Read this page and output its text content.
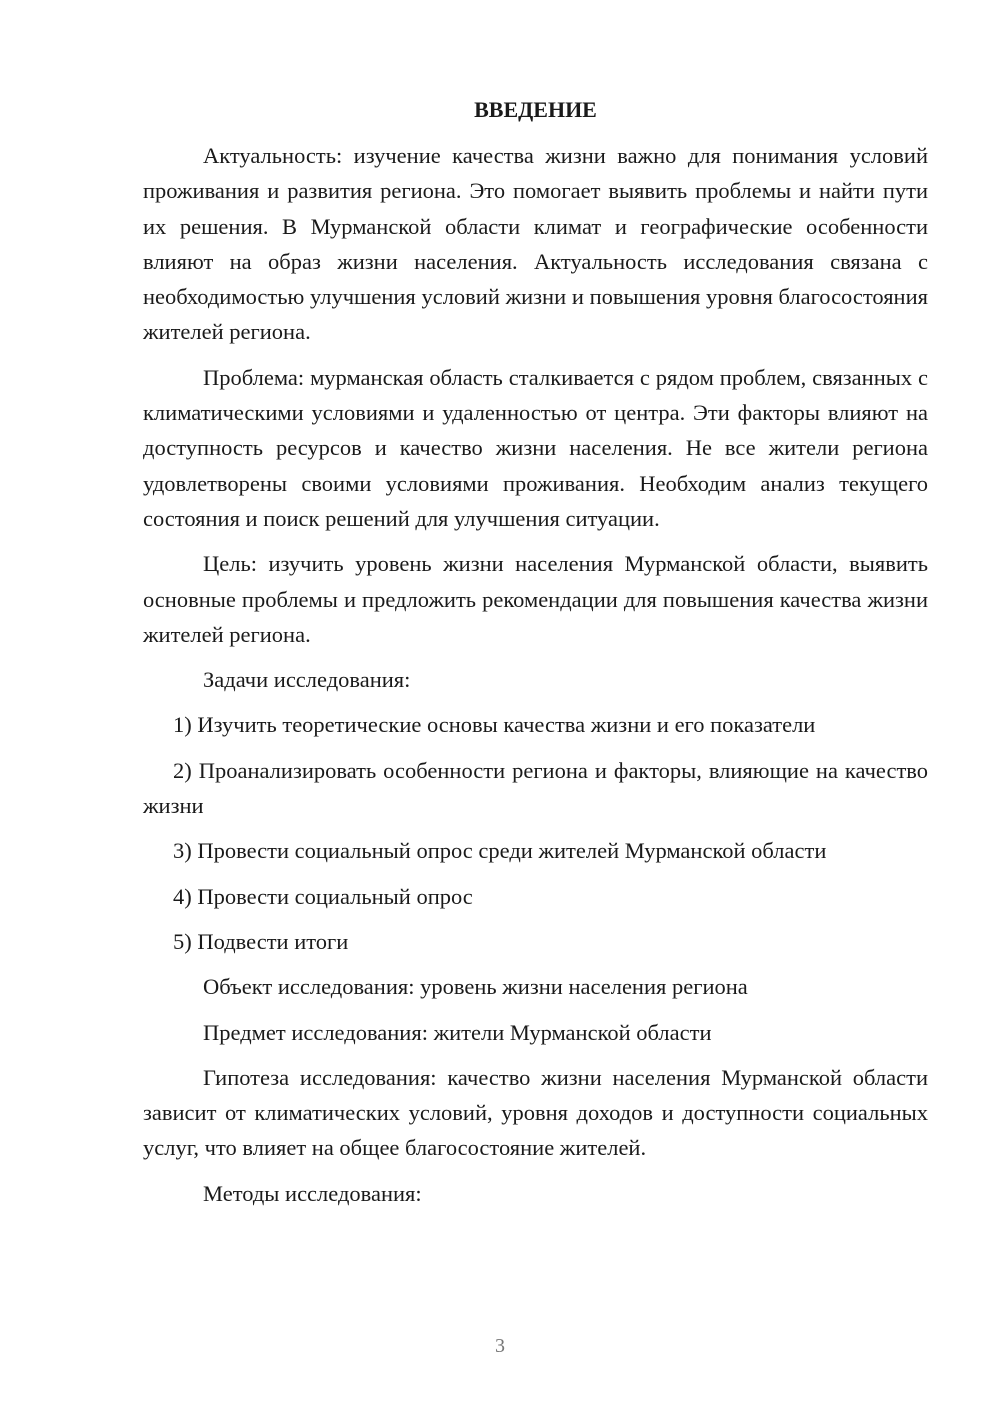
ВВЕДЕНИЕ

Актуальность: изучение качества жизни важно для понимания условий проживания и развития региона. Это помогает выявить проблемы и найти пути их решения. В Мурманской области климат и географические особенности влияют на образ жизни населения. Актуальность исследования связана с необходимостью улучшения условий жизни и повышения уровня благосостояния жителей региона.

Проблема: мурманская область сталкивается с рядом проблем, связанных с климатическими условиями и удаленностью от центра. Эти факторы влияют на доступность ресурсов и качество жизни населения. Не все жители региона удовлетворены своими условиями проживания. Необходим анализ текущего состояния и поиск решений для улучшения ситуации.

Цель: изучить уровень жизни населения Мурманской области, выявить основные проблемы и предложить рекомендации для повышения качества жизни жителей региона.

Задачи исследования:

1) Изучить теоретические основы качества жизни и его показатели

2) Проанализировать особенности региона и факторы, влияющие на качество жизни

3) Провести социальный опрос среди жителей Мурманской области

4) Провести социальный опрос

5) Подвести итоги

Объект исследования: уровень жизни населения региона

Предмет исследования: жители Мурманской области

Гипотеза исследования: качество жизни населения Мурманской области зависит от климатических условий, уровня доходов и доступности социальных услуг, что влияет на общее благосостояние жителей.

Методы исследования:

3
